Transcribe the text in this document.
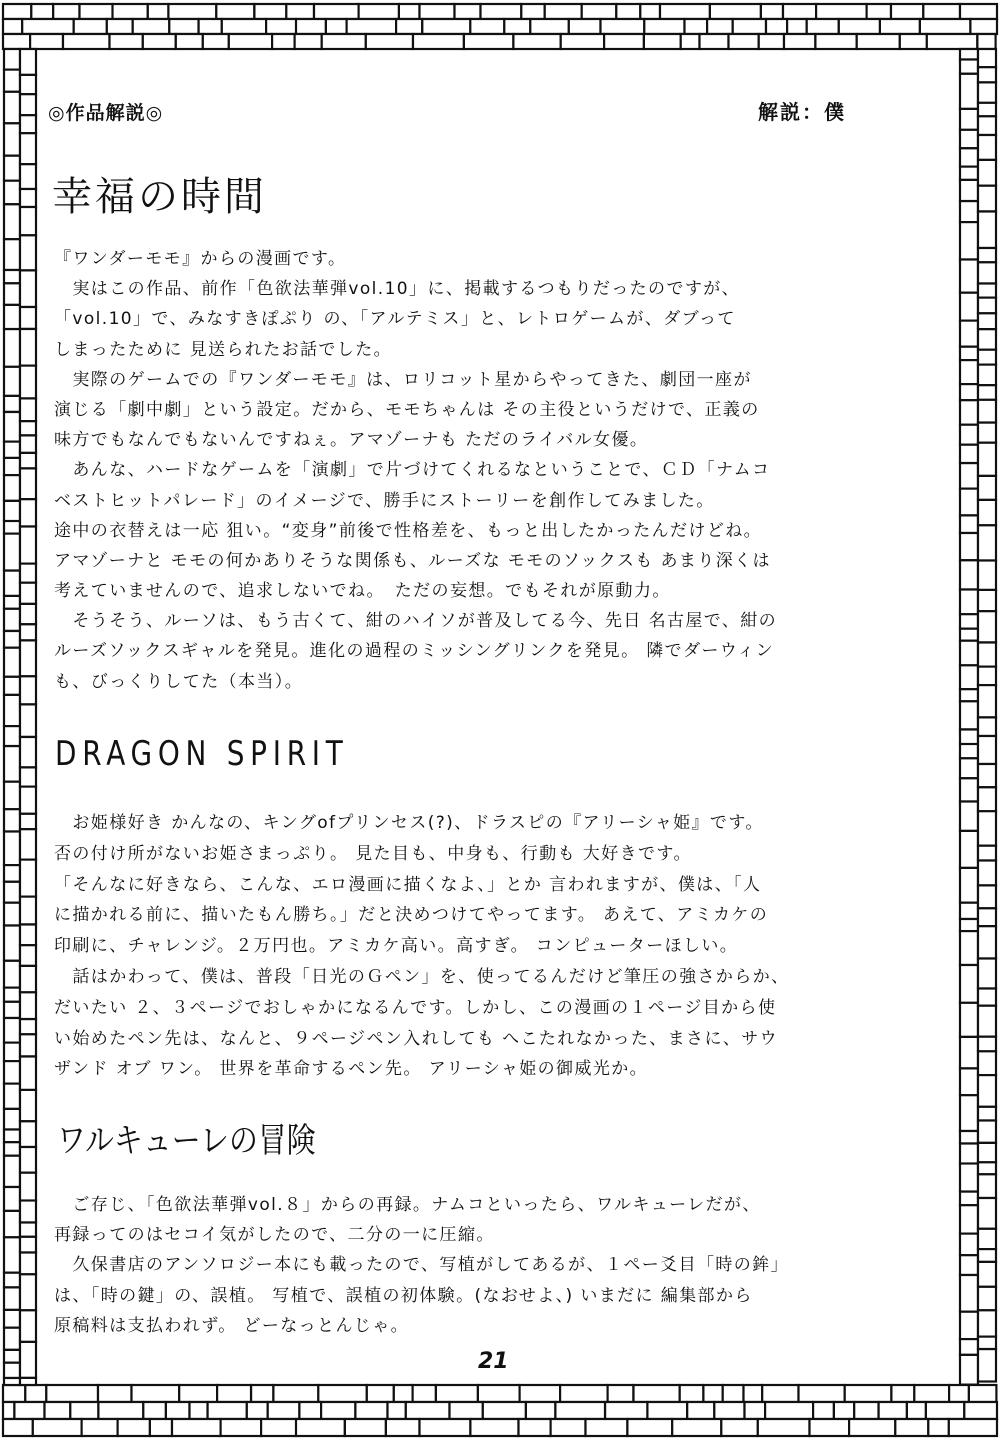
◎作品解説◎	解説：僕
幸福の時間
『ワンダーモモ』からの漫画です。
　実はこの作品、前作「色欲法華弾vol.10」に、掲載するつもりだったのですが、
「vol.10」で、みなすきぽぷり の、「アルテミス」と、レトロゲームが、ダブって
しまったために 見送られたお話でした。
　実際のゲームでの『ワンダーモモ』は、ロリコット星からやってきた、劇団一座が
演じる「劇中劇」という設定。だから、モモちゃんは その主役というだけで、正義の
味方でもなんでもないんですねぇ。アマゾーナも ただのライバル女優。
　あんな、ハードなゲームを「演劇」で片づけてくれるなということで、ＣＤ「ナムコ
ベストヒットパレード」のイメージで、勝手にストーリーを創作してみました。
途中の衣替えは一応 狙い。“変身”前後で性格差を、もっと出したかったんだけどね。
アマゾーナと モモの何かありそうな関係も、ルーズな モモのソックスも あまり深くは
考えていませんので、追求しないでね。　ただの妄想。でもそれが原動力。
　そうそう、ルーソは、もう古くて、紺のハイソが普及してる今、先日 名古屋で、紺の
ルーズソックスギャルを発見。進化の過程のミッシングリンクを発見。 隣でダーウィン
も、びっくりしてた（本当）。
DRAGON SPIRIT
　お姫様好き かんなの、キングofプリンセス(?)、ドラスピの『アリーシャ姫』です。
否の付け所がないお姫さまっぷり。 見た目も、中身も、行動も 大好きです。
「そんなに好きなら、こんな、エロ漫画に描くなよ、」とか 言われますが、僕は、「人
に描かれる前に、描いたもん勝ち。」だと決めつけてやってます。 あえて、アミカケの
印刷に、チャレンジ。２万円也。アミカケ高い。高すぎ。 コンピューターほしい。
　話はかわって、僕は、普段「日光のＧペン」を、使ってるんだけど筆圧の強さからか、
だいたい ２、３ページでおしゃかになるんです。しかし、この漫画の１ページ目から使
い始めたペン先は、なんと、９ページペン入れしても へこたれなかった、まさに、サウ
ザンド オブ ワン。 世界を革命するペン先。 アリーシャ姫の御威光か。
ワルキューレの冒険
　ご存じ、「色欲法華弾vol.８」からの再録。ナムコといったら、ワルキューレだが、
再録ってのはセコイ気がしたので、二分の一に圧縮。
　久保書店のアンソロジー本にも載ったので、写植がしてあるが、１ペー爻目「時の鉾」
は、「時の鍵」の、誤植。 写植で、誤植の初体験。(なおせよ、) いまだに 編集部から
原稿料は支払われず。 どーなっとんじゃ。
21
